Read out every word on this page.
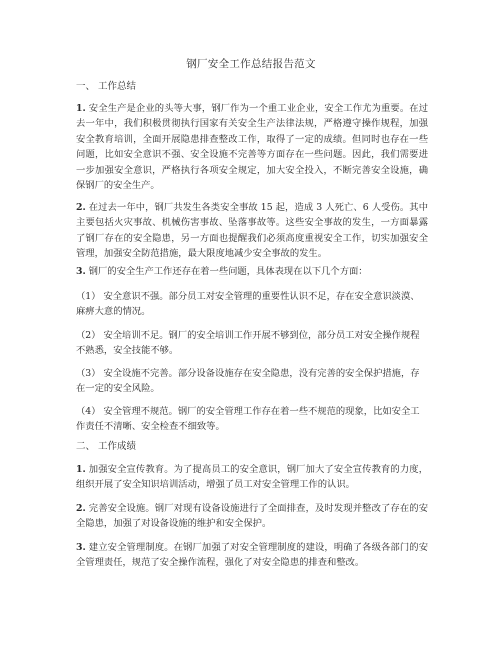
钢厂安全工作总结报告范文
一、 工作总结

1. 安全生产是企业的头等大事，钢厂作为一个重工业企业，安全工作尤为重要。在过去一年中，我们积极贯彻执行国家有关安全生产法律法规，严格遵守操作规程，加强安全教育培训，全面开展隐患排查整改工作，取得了一定的成绩。但同时也存在一些问题，比如安全意识不强、安全设施不完善等方面存在一些问题。因此，我们需要进一步加强安全意识，严格执行各项安全规定，加大安全投入，不断完善安全设施，确保钢厂的安全生产。

2. 在过去一年中，钢厂共发生各类安全事故 15 起，造成 3 人死亡、6 人受伤。其中主要包括火灾事故、机械伤害事故、坠落事故等。这些安全事故的发生，一方面暴露了钢厂存在的安全隐患，另一方面也提醒我们必须高度重视安全工作，切实加强安全管理，加强安全防范措施，最大限度地减少安全事故的发生。

3. 钢厂的安全生产工作还存在着一些问题，具体表现在以下几个方面：

（1） 安全意识不强。部分员工对安全管理的重要性认识不足，存在安全意识淡漠、麻痹大意的情况。

（2） 安全培训不足。钢厂的安全培训工作开展不够到位，部分员工对安全操作规程不熟悉，安全技能不够。

（3） 安全设施不完善。部分设备设施存在安全隐患，没有完善的安全保护措施，存在一定的安全风险。

（4） 安全管理不规范。钢厂的安全管理工作存在着一些不规范的现象，比如安全工作责任不清晰、安全检查不细致等。

二、 工作成绩

1. 加强安全宣传教育。为了提高员工的安全意识，钢厂加大了安全宣传教育的力度，组织开展了安全知识培训活动，增强了员工对安全管理工作的认识。

2. 完善安全设施。钢厂对现有设备设施进行了全面排查，及时发现并整改了存在的安全隐患，加强了对设备设施的维护和安全保护。

3. 建立安全管理制度。在钢厂加强了对安全管理制度的建设，明确了各级各部门的安全管理责任，规范了安全操作流程，强化了对安全隐患的排查和整改。
